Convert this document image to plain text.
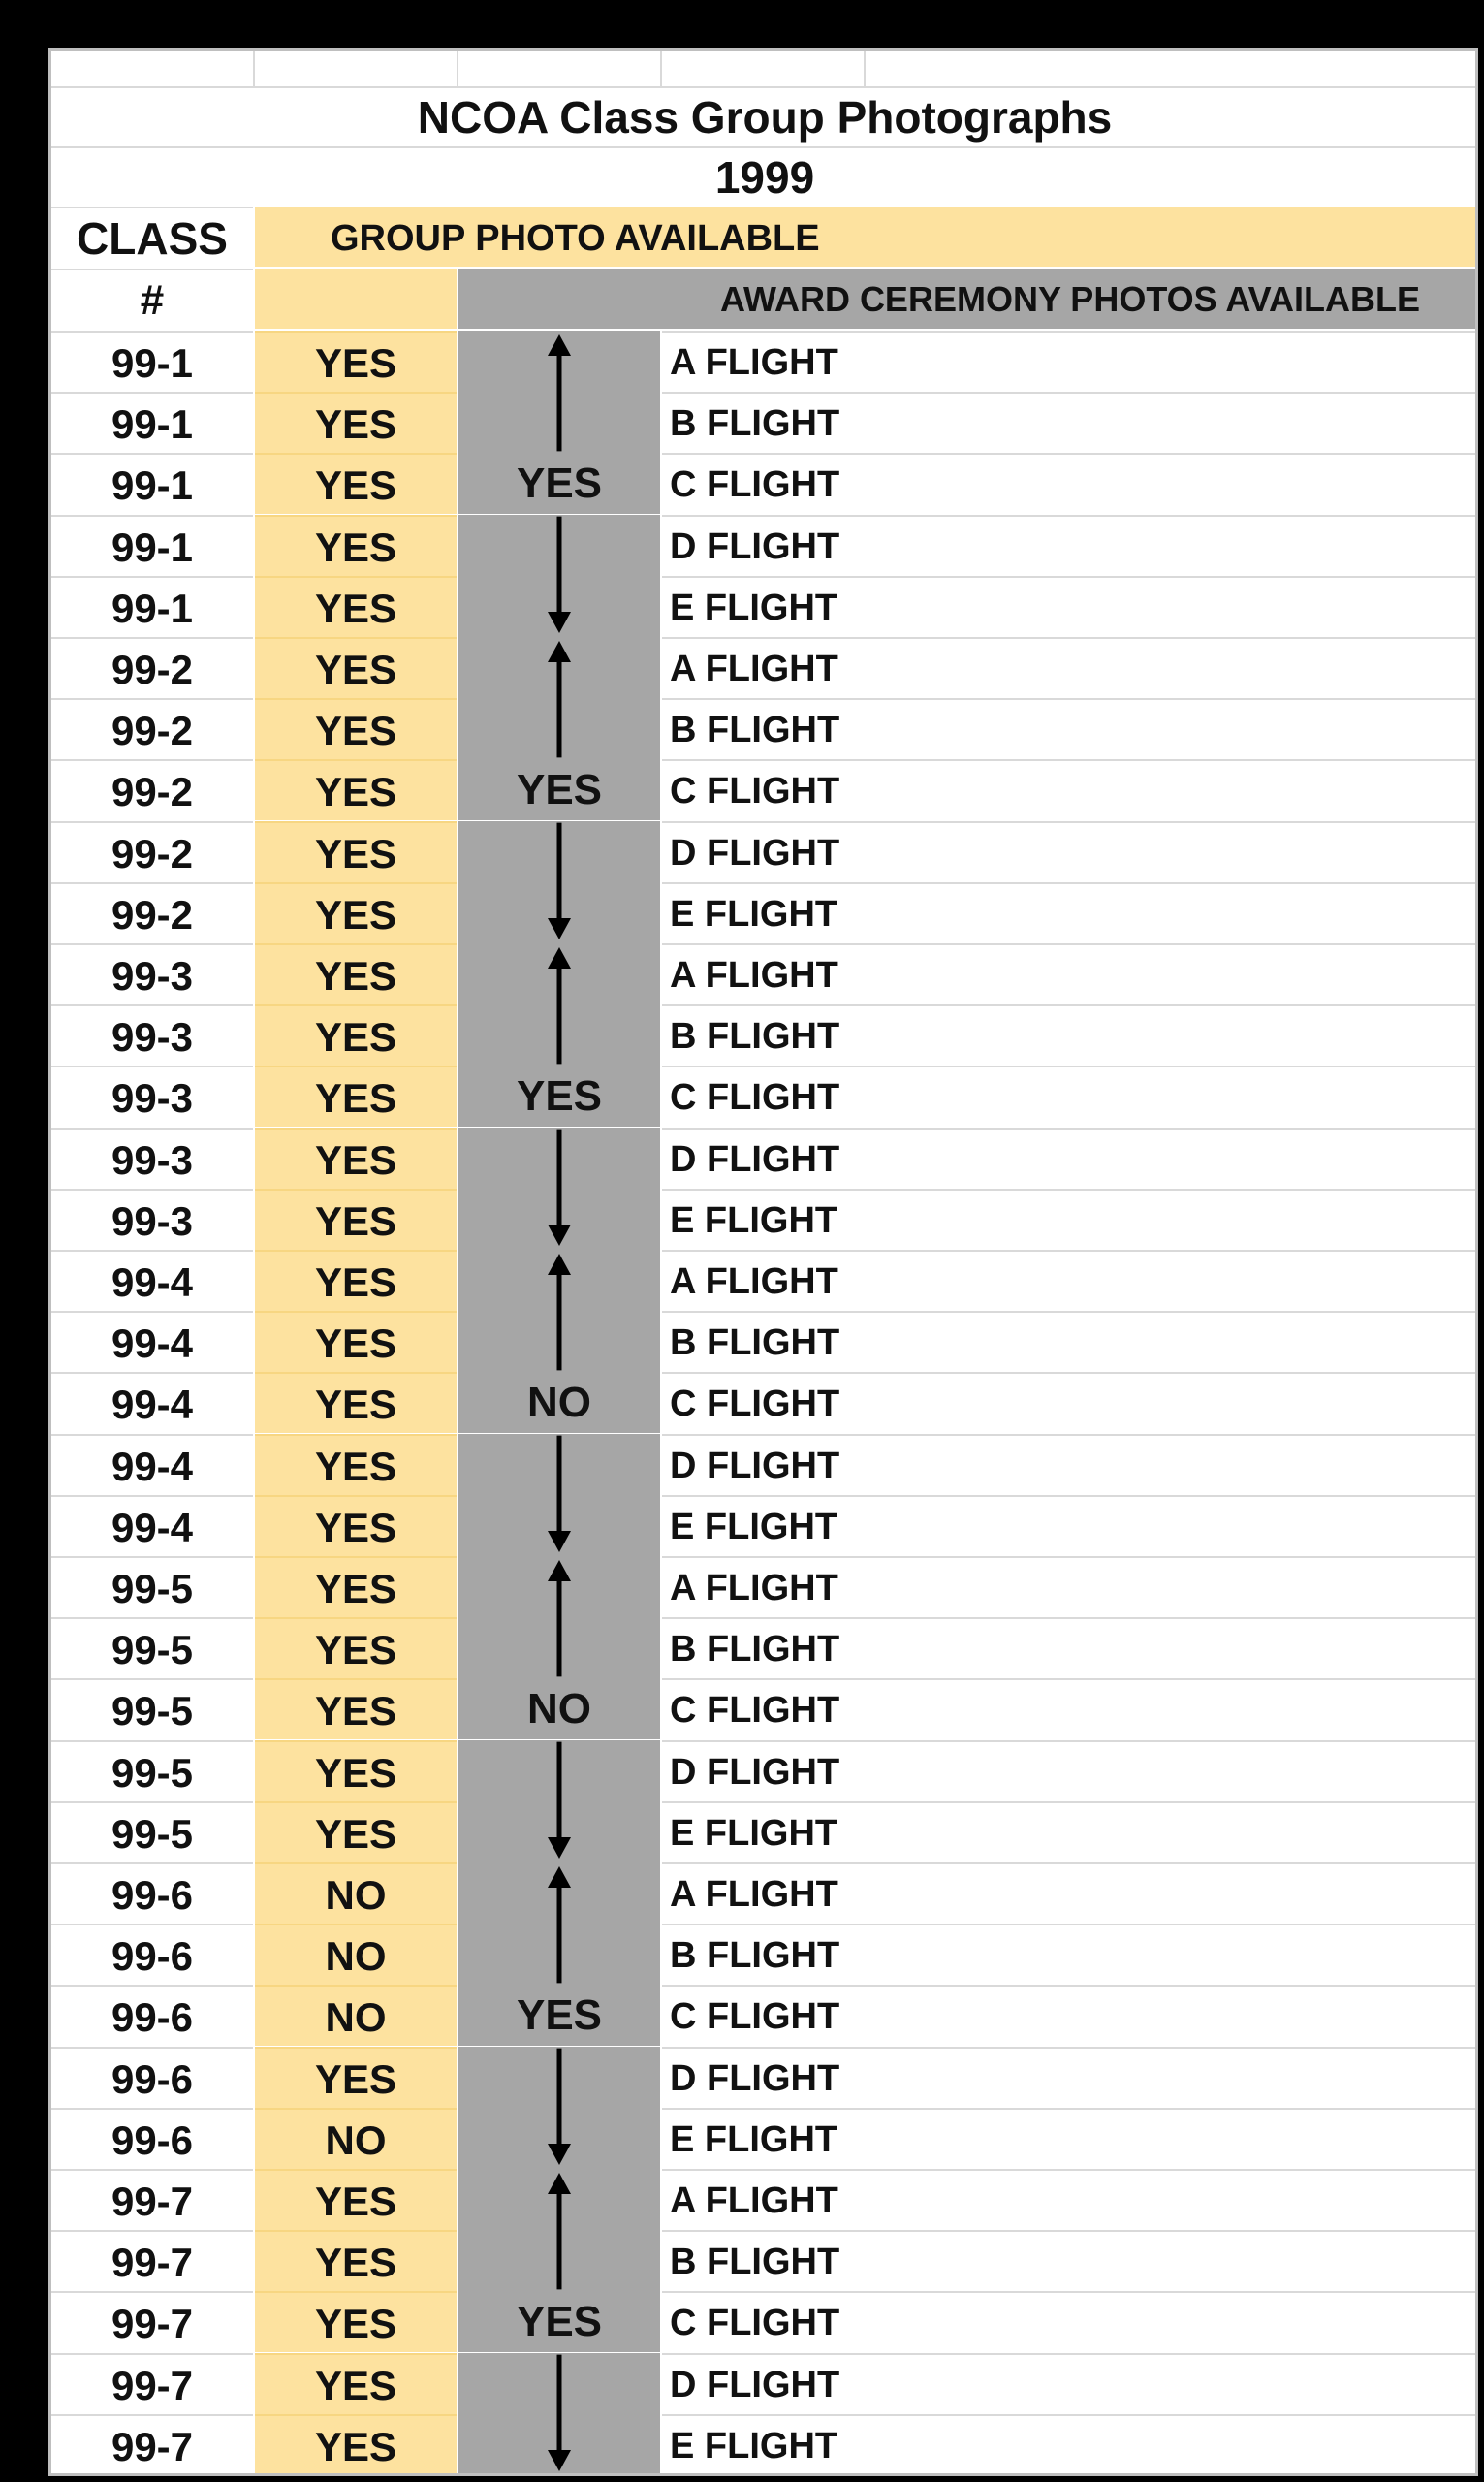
NCOA Class Group Photographs
1999
CLASS
#
GROUP PHOTO AVAILABLE
AWARD CEREMONY PHOTOS AVAILABLE
99-1	YES	A FLIGHT
99-1	YES	B FLIGHT
99-1	YES	C FLIGHT
99-1	YES	D FLIGHT
99-1	YES	E FLIGHT
YES
99-2	YES	A FLIGHT
99-2	YES	B FLIGHT
99-2	YES	C FLIGHT
99-2	YES	D FLIGHT
99-2	YES	E FLIGHT
YES
99-3	YES	A FLIGHT
99-3	YES	B FLIGHT
99-3	YES	C FLIGHT
99-3	YES	D FLIGHT
99-3	YES	E FLIGHT
YES
99-4	YES	A FLIGHT
99-4	YES	B FLIGHT
99-4	YES	C FLIGHT
99-4	YES	D FLIGHT
99-4	YES	E FLIGHT
NO
99-5	YES	A FLIGHT
99-5	YES	B FLIGHT
99-5	YES	C FLIGHT
99-5	YES	D FLIGHT
99-5	YES	E FLIGHT
NO
99-6	NO	A FLIGHT
99-6	NO	B FLIGHT
99-6	NO	C FLIGHT
99-6	YES	D FLIGHT
99-6	NO	E FLIGHT
YES
99-7	YES	A FLIGHT
99-7	YES	B FLIGHT
99-7	YES	C FLIGHT
99-7	YES	D FLIGHT
99-7	YES	E FLIGHT
YES
